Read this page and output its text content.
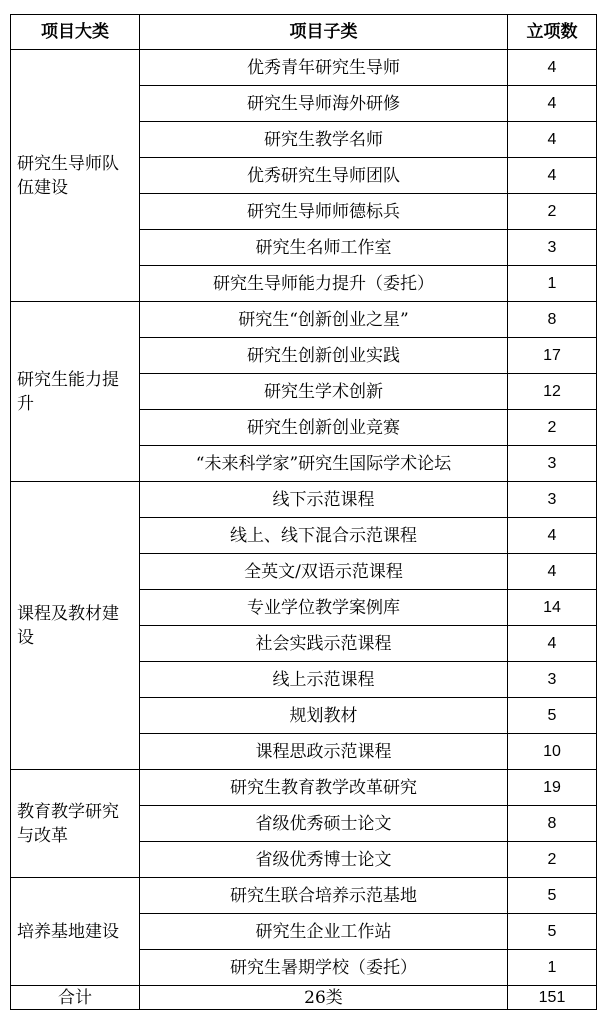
项目大类	项目子类	立项数
研究生导师队伍建设	优秀青年研究生导师	4
	研究生导师海外研修	4
	研究生教学名师	4
	优秀研究生导师团队	4
	研究生导师师德标兵	2
	研究生名师工作室	3
	研究生导师能力提升（委托）	1
研究生能力提升	研究生“创新创业之星”	8
	研究生创新创业实践	17
	研究生学术创新	12
	研究生创新创业竞赛	2
	“未来科学家”研究生国际学术论坛	3
课程及教材建设	线下示范课程	3
	线上、线下混合示范课程	4
	全英文/双语示范课程	4
	专业学位教学案例库	14
	社会实践示范课程	4
	线上示范课程	3
	规划教材	5
	课程思政示范课程	10
教育教学研究与改革	研究生教育教学改革研究	19
	省级优秀硕士论文	8
	省级优秀博士论文	2
培养基地建设	研究生联合培养示范基地	5
	研究生企业工作站	5
	研究生暑期学校（委托）	1
合计	26类	151
